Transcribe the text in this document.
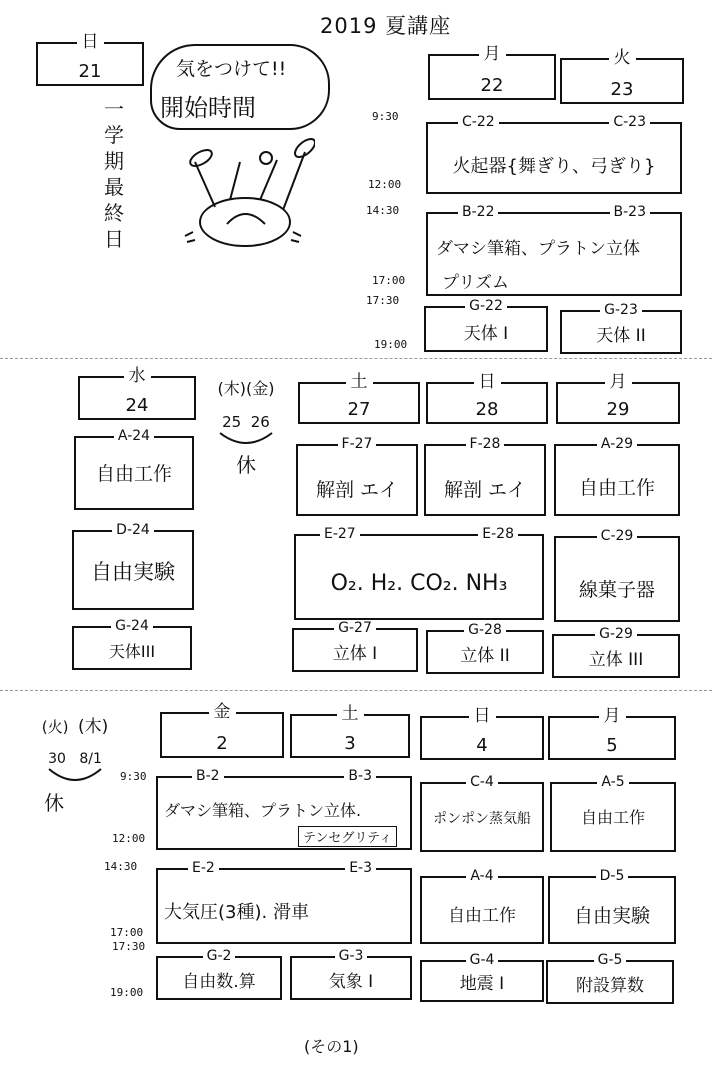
2019 夏講座
日
21
一
学
期
最
終
日
気をつけて!!
開始時間
月
22
火
23
9:30
12:00
14:30
17:00
17:30
19:00
C-22	C-23
火起器{舞ぎり、弓ぎり}
B-22	B-23
ダマシ筆箱、プラトン立体
プリズム
G-22
天体 I
G-23
天体 II
水
24
(木)(金)
25  26
休
土
27
日
28
月
29
A-24
自由工作
D-24
自由実験
G-24
天体III
F-27
解剖 エイ
F-28
解剖 エイ
A-29
自由工作
E-27	E-28
O₂. H₂. CO₂. NH₃
C-29
線菓子器
G-27
立体 I
G-28
立体 II
G-29
立体 III
(火) (木)
30 8/1
休
金
2
土
3
日
4
月
5
9:30
12:00
14:30
17:00
17:30
19:00
B-2	B-3
ダマシ筆箱、プラトン立体.
テンセグリティ
C-4
ポンポン蒸気船
A-5
自由工作
E-2	E-3
大気圧(3種). 滑車
A-4
自由工作
D-5
自由実験
G-2
自由数.算
G-3
気象 I
G-4
地震 I
G-5
附設算数
(その1)
